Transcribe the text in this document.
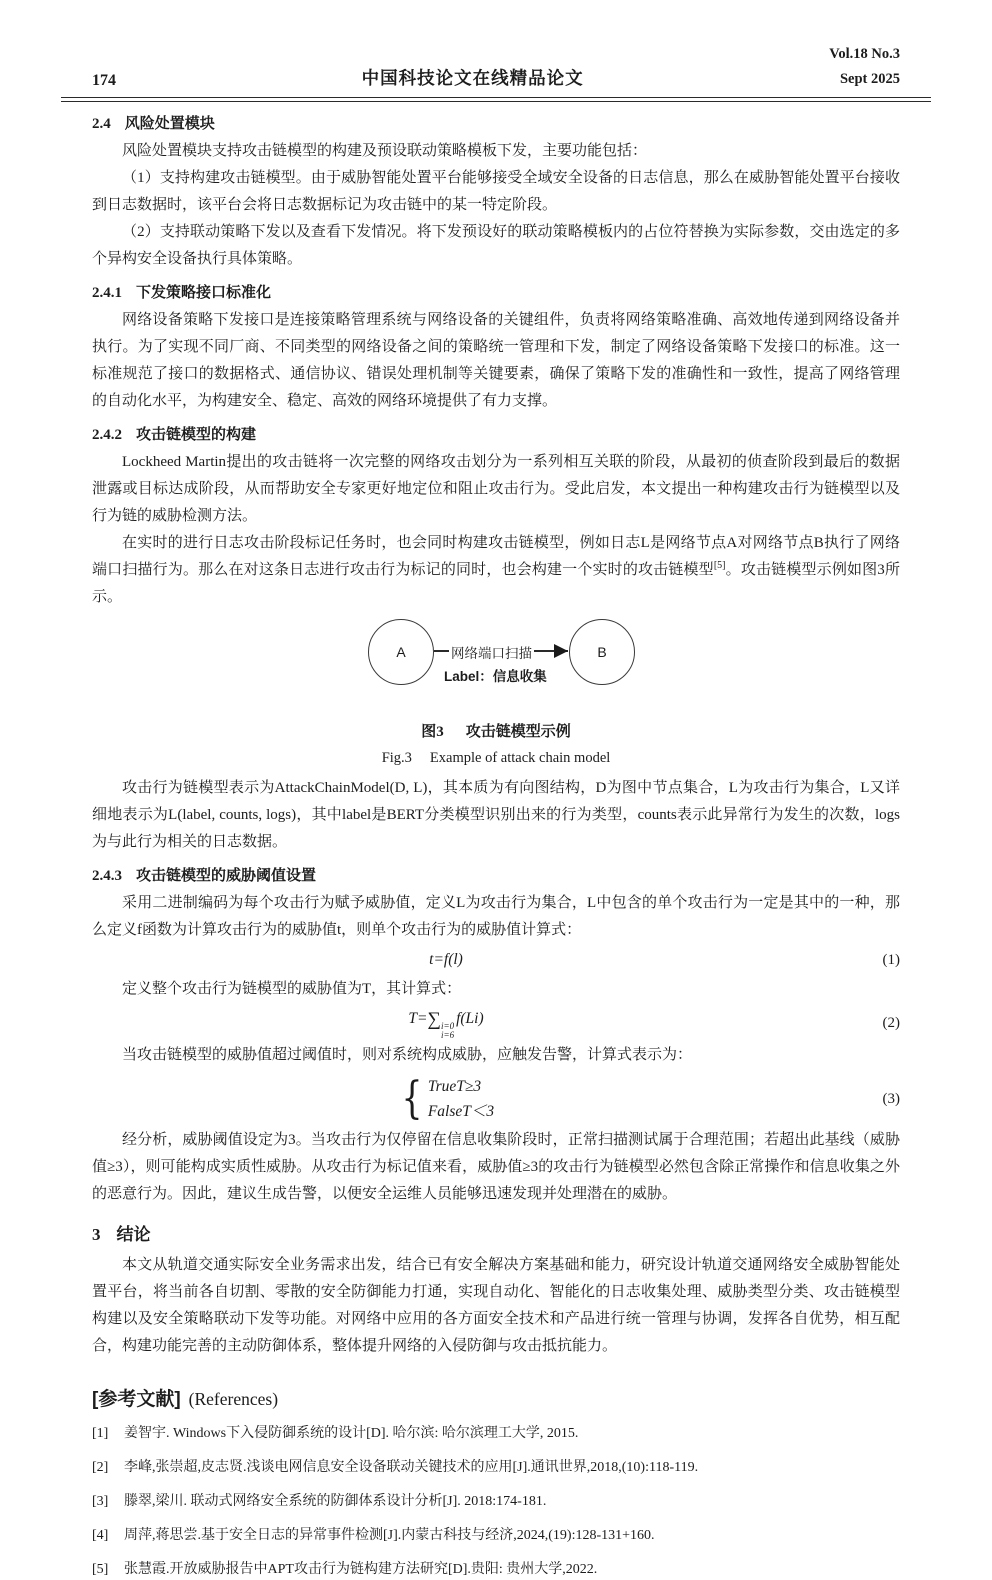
174	中国科技论文在线精品论文
Vol.18 No.3
Sept 2025
2.4 风险处置模块

风险处置模块支持攻击链模型的构建及预设联动策略模板下发，主要功能包括：

（1）支持构建攻击链模型。由于威胁智能处置平台能够接受全域安全设备的日志信息，那么在威胁智能处置平台接收到日志数据时，该平台会将日志数据标记为攻击链中的某一特定阶段。

（2）支持联动策略下发以及查看下发情况。将下发预设好的联动策略模板内的占位符替换为实际参数，交由选定的多个异构安全设备执行具体策略。

2.4.1 下发策略接口标准化

网络设备策略下发接口是连接策略管理系统与网络设备的关键组件，负责将网络策略准确、高效地传递到网络设备并执行。为了实现不同厂商、不同类型的网络设备之间的策略统一管理和下发，制定了网络设备策略下发接口的标准。这一标准规范了接口的数据格式、通信协议、错误处理机制等关键要素，确保了策略下发的准确性和一致性，提高了网络管理的自动化水平，为构建安全、稳定、高效的网络环境提供了有力支撑。

2.4.2 攻击链模型的构建

Lockheed Martin提出的攻击链将一次完整的网络攻击划分为一系列相互关联的阶段，从最初的侦查阶段到最后的数据泄露或目标达成阶段，从而帮助安全专家更好地定位和阻止攻击行为。受此启发，本文提出一种构建攻击行为链模型以及行为链的威胁检测方法。

在实时的进行日志攻击阶段标记任务时，也会同时构建攻击链模型，例如日志L是网络节点A对网络节点B执行了网络端口扫描行为。那么在对这条日志进行攻击行为标记的同时，也会构建一个实时的攻击链模型[5]。攻击链模型示例如图3所示。

A	B
网络端口扫描
Label：信息收集
图3 攻击链模型示例
Fig.3 Example of attack chain model

攻击行为链模型表示为AttackChainModel(D, L)，其本质为有向图结构，D为图中节点集合，L为攻击行为集合，L又详细地表示为L(label, counts, logs)，其中label是BERT分类模型识别出来的行为类型，counts表示此异常行为发生的次数，logs为与此行为相关的日志数据。

2.4.3 攻击链模型的威胁阈值设置

采用二进制编码为每个攻击行为赋予威胁值，定义L为攻击行为集合，L中包含的单个攻击行为一定是其中的一种，那么定义f函数为计算攻击行为的威胁值t，则单个攻击行为的威胁值计算式：

t=f(l)	(1)

定义整个攻击行为链模型的威胁值为T，其计算式：

T=∑ i=0
i=6
f(Li)	(2)

当攻击链模型的威胁值超过阈值时，则对系统构成威胁，应触发告警，计算式表示为：

{ TrueT≥3
FalseT＜3
(3)

经分析，威胁阈值设定为3。当攻击行为仅停留在信息收集阶段时，正常扫描测试属于合理范围；若超出此基线（威胁值≥3），则可能构成实质性威胁。从攻击行为标记值来看，威胁值≥3的攻击行为链模型必然包含除正常操作和信息收集之外的恶意行为。因此，建议生成告警，以便安全运维人员能够迅速发现并处理潜在的威胁。

3 结论

本文从轨道交通实际安全业务需求出发，结合已有安全解决方案基础和能力，研究设计轨道交通网络安全威胁智能处置平台，将当前各自切割、零散的安全防御能力打通，实现自动化、智能化的日志收集处理、威胁类型分类、攻击链模型构建以及安全策略联动下发等功能。对网络中应用的各方面安全技术和产品进行统一管理与协调，发挥各自优势，相互配合，构建功能完善的主动防御体系，整体提升网络的入侵防御与攻击抵抗能力。

[参考文献] (References)
[1]	姜智宇. Windows下入侵防御系统的设计[D]. 哈尔滨: 哈尔滨理工大学, 2015.
[2]	李峰,张崇超,皮志贤.浅谈电网信息安全设备联动关键技术的应用[J].通讯世界,2018,(10):118-119.
[3]	滕翠,梁川. 联动式网络安全系统的防御体系设计分析[J]. 2018:174-181.
[4]	周萍,蒋思尝.基于安全日志的异常事件检测[J].内蒙古科技与经济,2024,(19):128-131+160.
[5]	张慧霞.开放威胁报告中APT攻击行为链构建方法研究[D].贵阳: 贵州大学,2022.
